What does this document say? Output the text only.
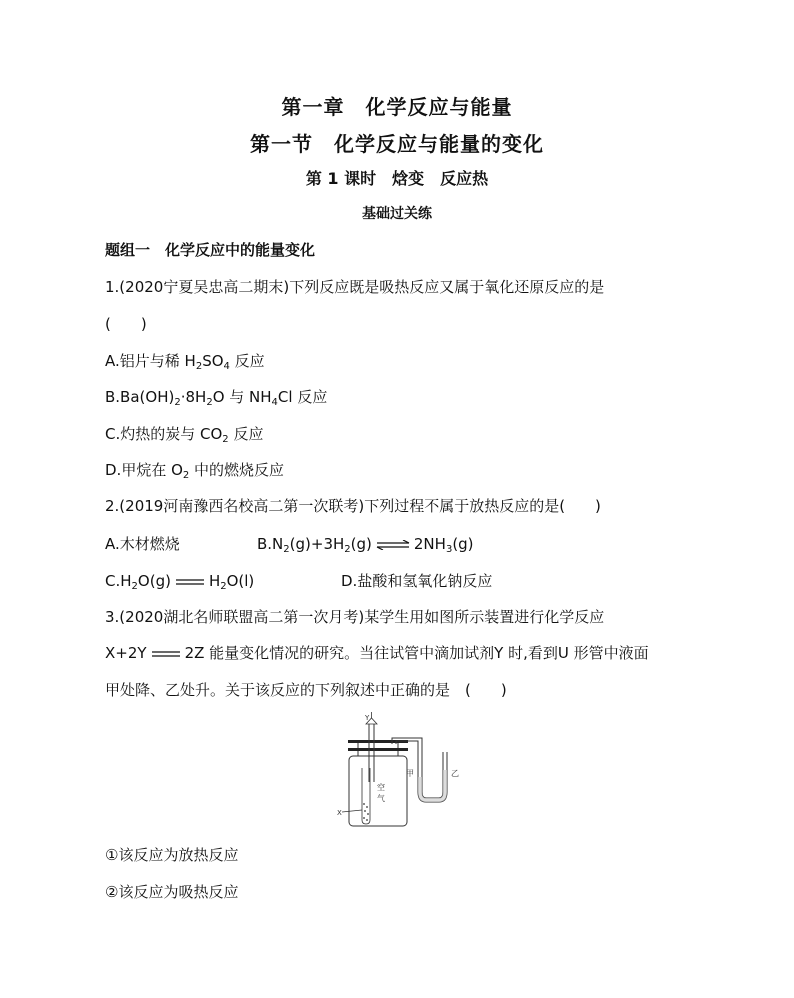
第一章　化学反应与能量
第一节　化学反应与能量的变化
第 1 课时　焓变　反应热
基础过关练
题组一　化学反应中的能量变化
1.(2020宁夏吴忠高二期末)下列反应既是吸热反应又属于氧化还原反应的是
(　　)
A.铝片与稀 $H_2SO_4$ 反应
$B.Ba(OH)_2\cdot 8H_2O$ 与 $NH_4Cl$ 反应
C.灼热的炭与 $CO_2$ 反应
D.甲烷在 $O_2$ 中的燃烧反应
2.(2019河南豫西名校高二第一次联考)下列过程不属于放热反应的是(　　)
A.木材燃烧	$B.N_2(g)+3H_2(g)$ ⇌ $2NH_3(g)$
$C.H_2O(g)$	$H_2O(l)$	D.盐酸和氢氧化钠反应
3.(2020湖北名师联盟高二第一次月考)某学生用如图所示装置进行化学反应
X+2Y	2Z 能量变化情况的研究。当往试管中滴加试剂Y 时,看到U 形管中液面
甲处降、乙处升。关于该反应的下列叙述中正确的是　(　　)
Y
X
空
气
甲	乙
①该反应为放热反应
②该反应为吸热反应
